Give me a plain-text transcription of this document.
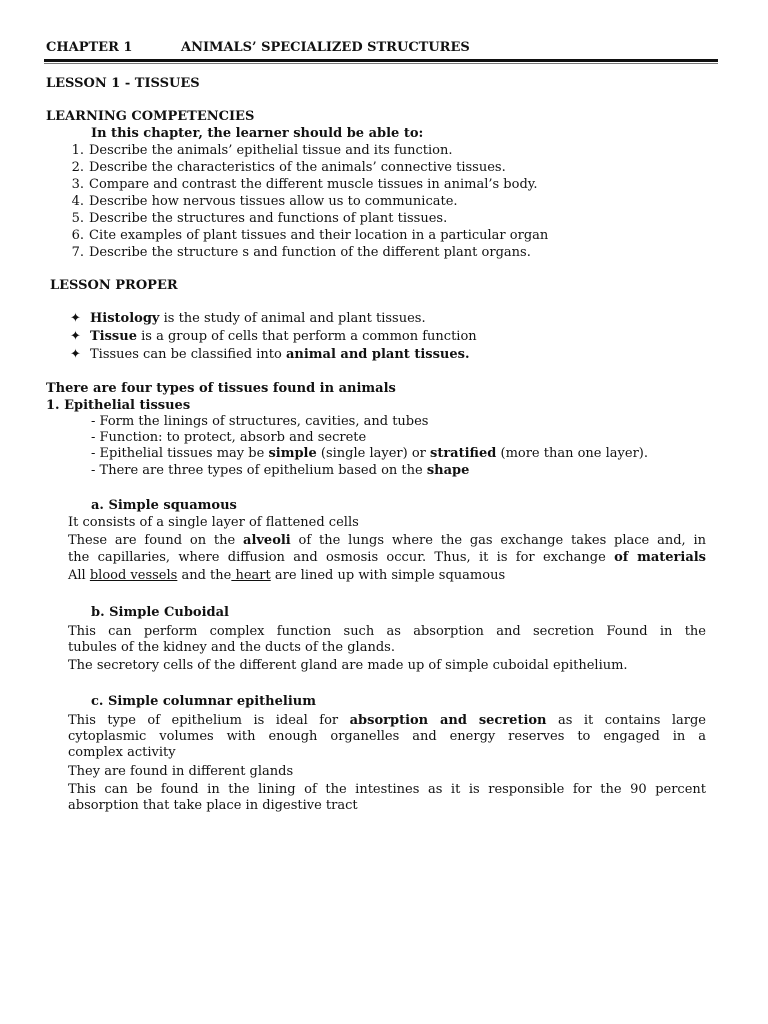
CHAPTER 1	ANIMALS’ SPECIALIZED STRUCTURES
LESSON 1 - TISSUES
LEARNING COMPETENCIES
In this chapter, the learner should be able to:
1. Describe the animals’ epithelial tissue and its function.
2. Describe the characteristics of the animals’ connective tissues.
3. Compare and contrast the different muscle tissues in animal’s body.
4. Describe how nervous tissues allow us to communicate.
5. Describe the structures and functions of plant tissues.
6. Cite examples of plant tissues and their location in a particular organ
7. Describe the structure s and function of the different plant organs.
LESSON PROPER
✦ Histology is the study of animal and plant tissues.
✦ Tissue is a group of cells that perform a common function
✦ Tissues can be classified into animal and plant tissues.
There are four types of tissues found in animals
1. Epithelial tissues
- Form the linings of structures, cavities, and tubes
- Function: to protect, absorb and secrete
- Epithelial tissues may be simple (single layer) or stratified (more than one layer).
- There are three types of epithelium based on the shape
a. Simple squamous
It consists of a single layer of flattened cells
These are found on the alveoli of the lungs where the gas exchange takes place and, in
the capillaries, where diffusion and osmosis occur. Thus, it is for exchange of materials
All blood vessels and the heart are lined up with simple squamous
b. Simple Cuboidal
This can perform complex function such as absorption and secretion Found in the
tubules of the kidney and the ducts of the glands.
The secretory cells of the different gland are made up of simple cuboidal epithelium.
c. Simple columnar epithelium
This type of epithelium is ideal for absorption and secretion as it contains large
cytoplasmic volumes with enough organelles and energy reserves to engaged in a
complex activity
They are found in different glands
This can be found in the lining of the intestines as it is responsible for the 90 percent
absorption that take place in digestive tract
